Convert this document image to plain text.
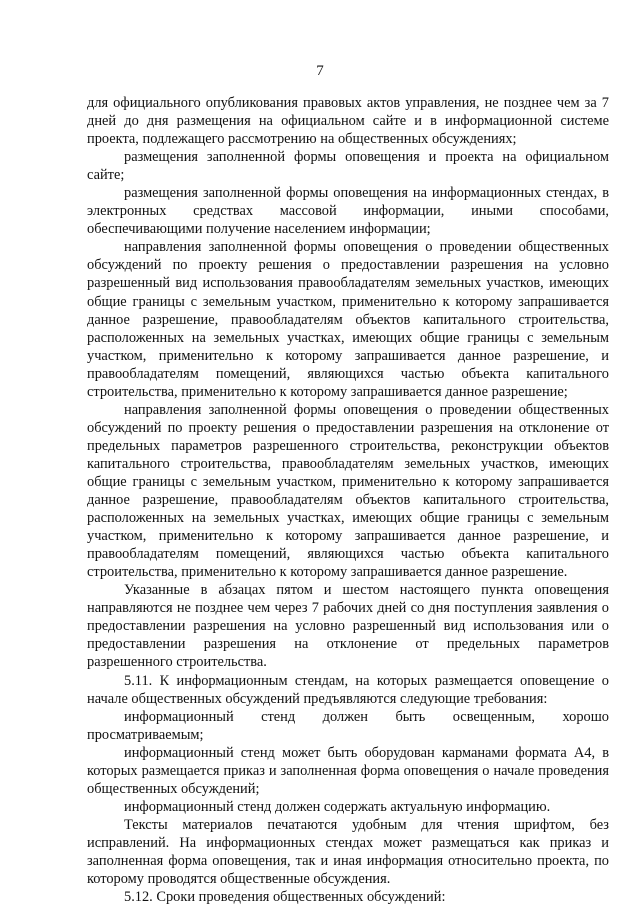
7

для официального опубликования правовых актов управления, не позднее чем за 7 дней до дня размещения на официальном сайте и в информационной системе проекта, подлежащего рассмотрению на общественных обсуждениях;

размещения заполненной формы оповещения и проекта на официальном сайте;

размещения заполненной формы оповещения на информационных стендах, в электронных средствах массовой информации, иными способами, обеспечивающими получение населением информации;

направления заполненной формы оповещения о проведении общественных обсуждений по проекту решения о предоставлении разрешения на условно разрешенный вид использования правообладателям земельных участков, имеющих общие границы с земельным участком, применительно к которому запрашивается данное разрешение, правообладателям объектов капитального строительства, расположенных на земельных участках, имеющих общие границы с земельным участком, применительно к которому запрашивается данное разрешение, и правообладателям помещений, являющихся частью объекта капитального строительства, применительно к которому запрашивается данное разрешение;

направления заполненной формы оповещения о проведении общественных обсуждений по проекту решения о предоставлении разрешения на отклонение от предельных параметров разрешенного строительства, реконструкции объектов капитального строительства, правообладателям земельных участков, имеющих общие границы с земельным участком, применительно к которому запрашивается данное разрешение, правообладателям объектов капитального строительства, расположенных на земельных участках, имеющих общие границы с земельным участком, применительно к которому запрашивается данное разрешение, и правообладателям помещений, являющихся частью объекта капитального строительства, применительно к которому запрашивается данное разрешение.

Указанные в абзацах пятом и шестом настоящего пункта оповещения направляются не позднее чем через 7 рабочих дней со дня поступления заявления о предоставлении разрешения на условно разрешенный вид использования или о предоставлении разрешения на отклонение от предельных параметров разрешенного строительства.

5.11. К информационным стендам, на которых размещается оповещение о начале общественных обсуждений предъявляются следующие требования:

информационный стенд должен быть освещенным, хорошо просматриваемым;

информационный стенд может быть оборудован карманами формата А4, в которых размещается приказ и заполненная форма оповещения о начале проведения общественных обсуждений;

информационный стенд должен содержать актуальную информацию.

Тексты материалов печатаются удобным для чтения шрифтом, без исправлений. На информационных стендах может размещаться как приказ и заполненная форма оповещения, так и иная информация относительно проекта, по которому проводятся общественные обсуждения.

5.12. Сроки проведения общественных обсуждений:
